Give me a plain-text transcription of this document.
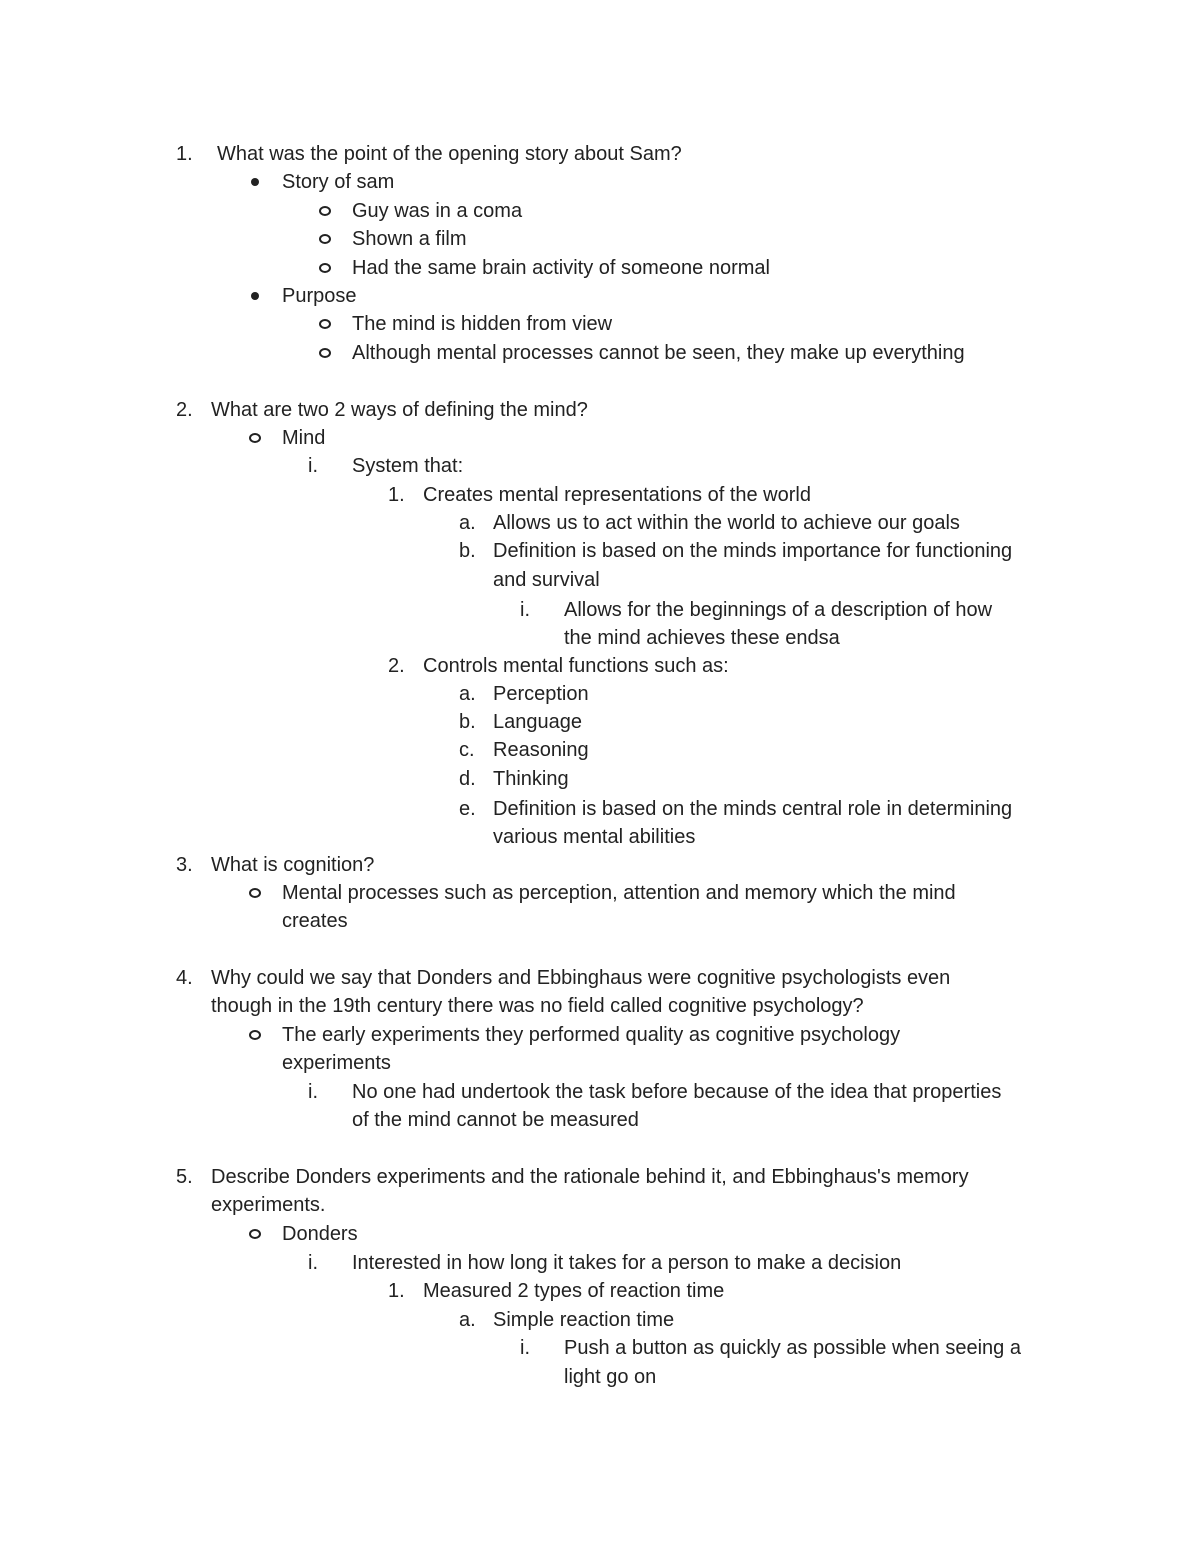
1. What was the point of the opening story about Sam?
Story of sam
Guy was in a coma
Shown a film
Had the same brain activity of someone normal
Purpose
The mind is hidden from view
Although mental processes cannot be seen, they make up everything
2. What are two 2 ways of defining the mind?
Mind
i. System that:
1. Creates mental representations of the world
a. Allows us to act within the world to achieve our goals
b. Definition is based on the minds importance for functioning
and survival
i. Allows for the beginnings of a description of how
the mind achieves these endsa
2. Controls mental functions such as:
a. Perception
b. Language
c. Reasoning
d. Thinking
e. Definition is based on the minds central role in determining
various mental abilities
3. What is cognition?
Mental processes such as perception, attention and memory which the mind
creates
4. Why could we say that Donders and Ebbinghaus were cognitive psychologists even
though in the 19th century there was no field called cognitive psychology?
The early experiments they performed quality as cognitive psychology
experiments
i. No one had undertook the task before because of the idea that properties
of the mind cannot be measured
5. Describe Donders experiments and the rationale behind it, and Ebbinghaus's memory
experiments.
Donders
i. Interested in how long it takes for a person to make a decision
1. Measured 2 types of reaction time
a. Simple reaction time
i. Push a button as quickly as possible when seeing a
light go on
